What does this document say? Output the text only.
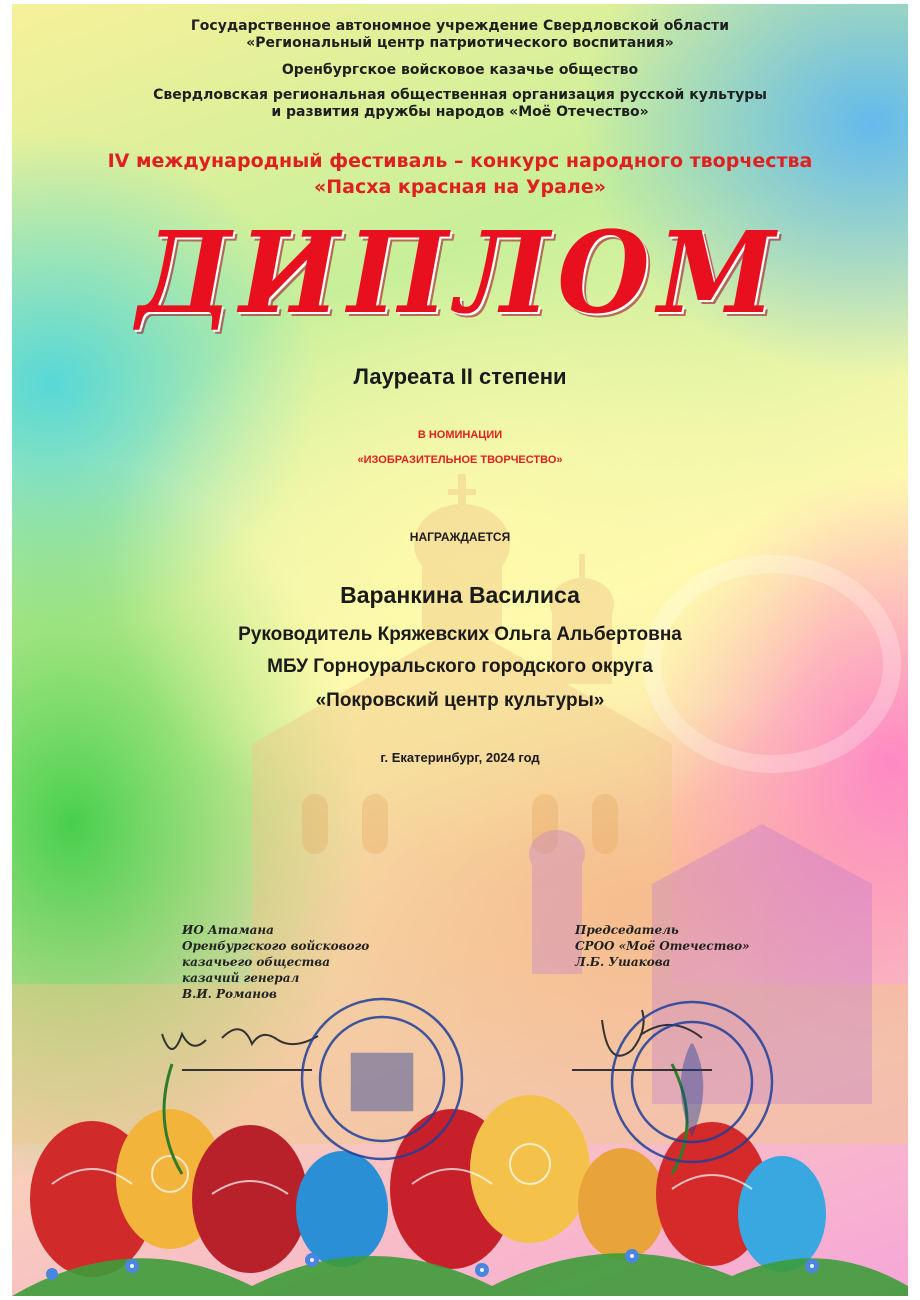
Государственное автономное учреждение Свердловской области
«Региональный центр патриотического воспитания»
Оренбургское войсковое казачье общество
Свердловская региональная общественная организация русской культуры
и развития дружбы народов «Моё Отечество»
IV международный фестиваль – конкурс народного творчества
«Пасха красная на Урале»
ДИПЛОМ
Лауреата II степени
В НОМИНАЦИИ
«ИЗОБРАЗИТЕЛЬНОЕ ТВОРЧЕСТВО»
НАГРАЖДАЕТСЯ
Варанкина Василиса
Руководитель Кряжевских Ольга Альбертовна
МБУ Горноуральского городского округа
«Покровский центр культуры»
г. Екатеринбург, 2024 год
ИО Атамана
Оренбургского войскового
казачьего общества
казачий генерал
В.И. Романов
Председатель
СРОО «Моё Отечество»
Л.Б. Ушакова
